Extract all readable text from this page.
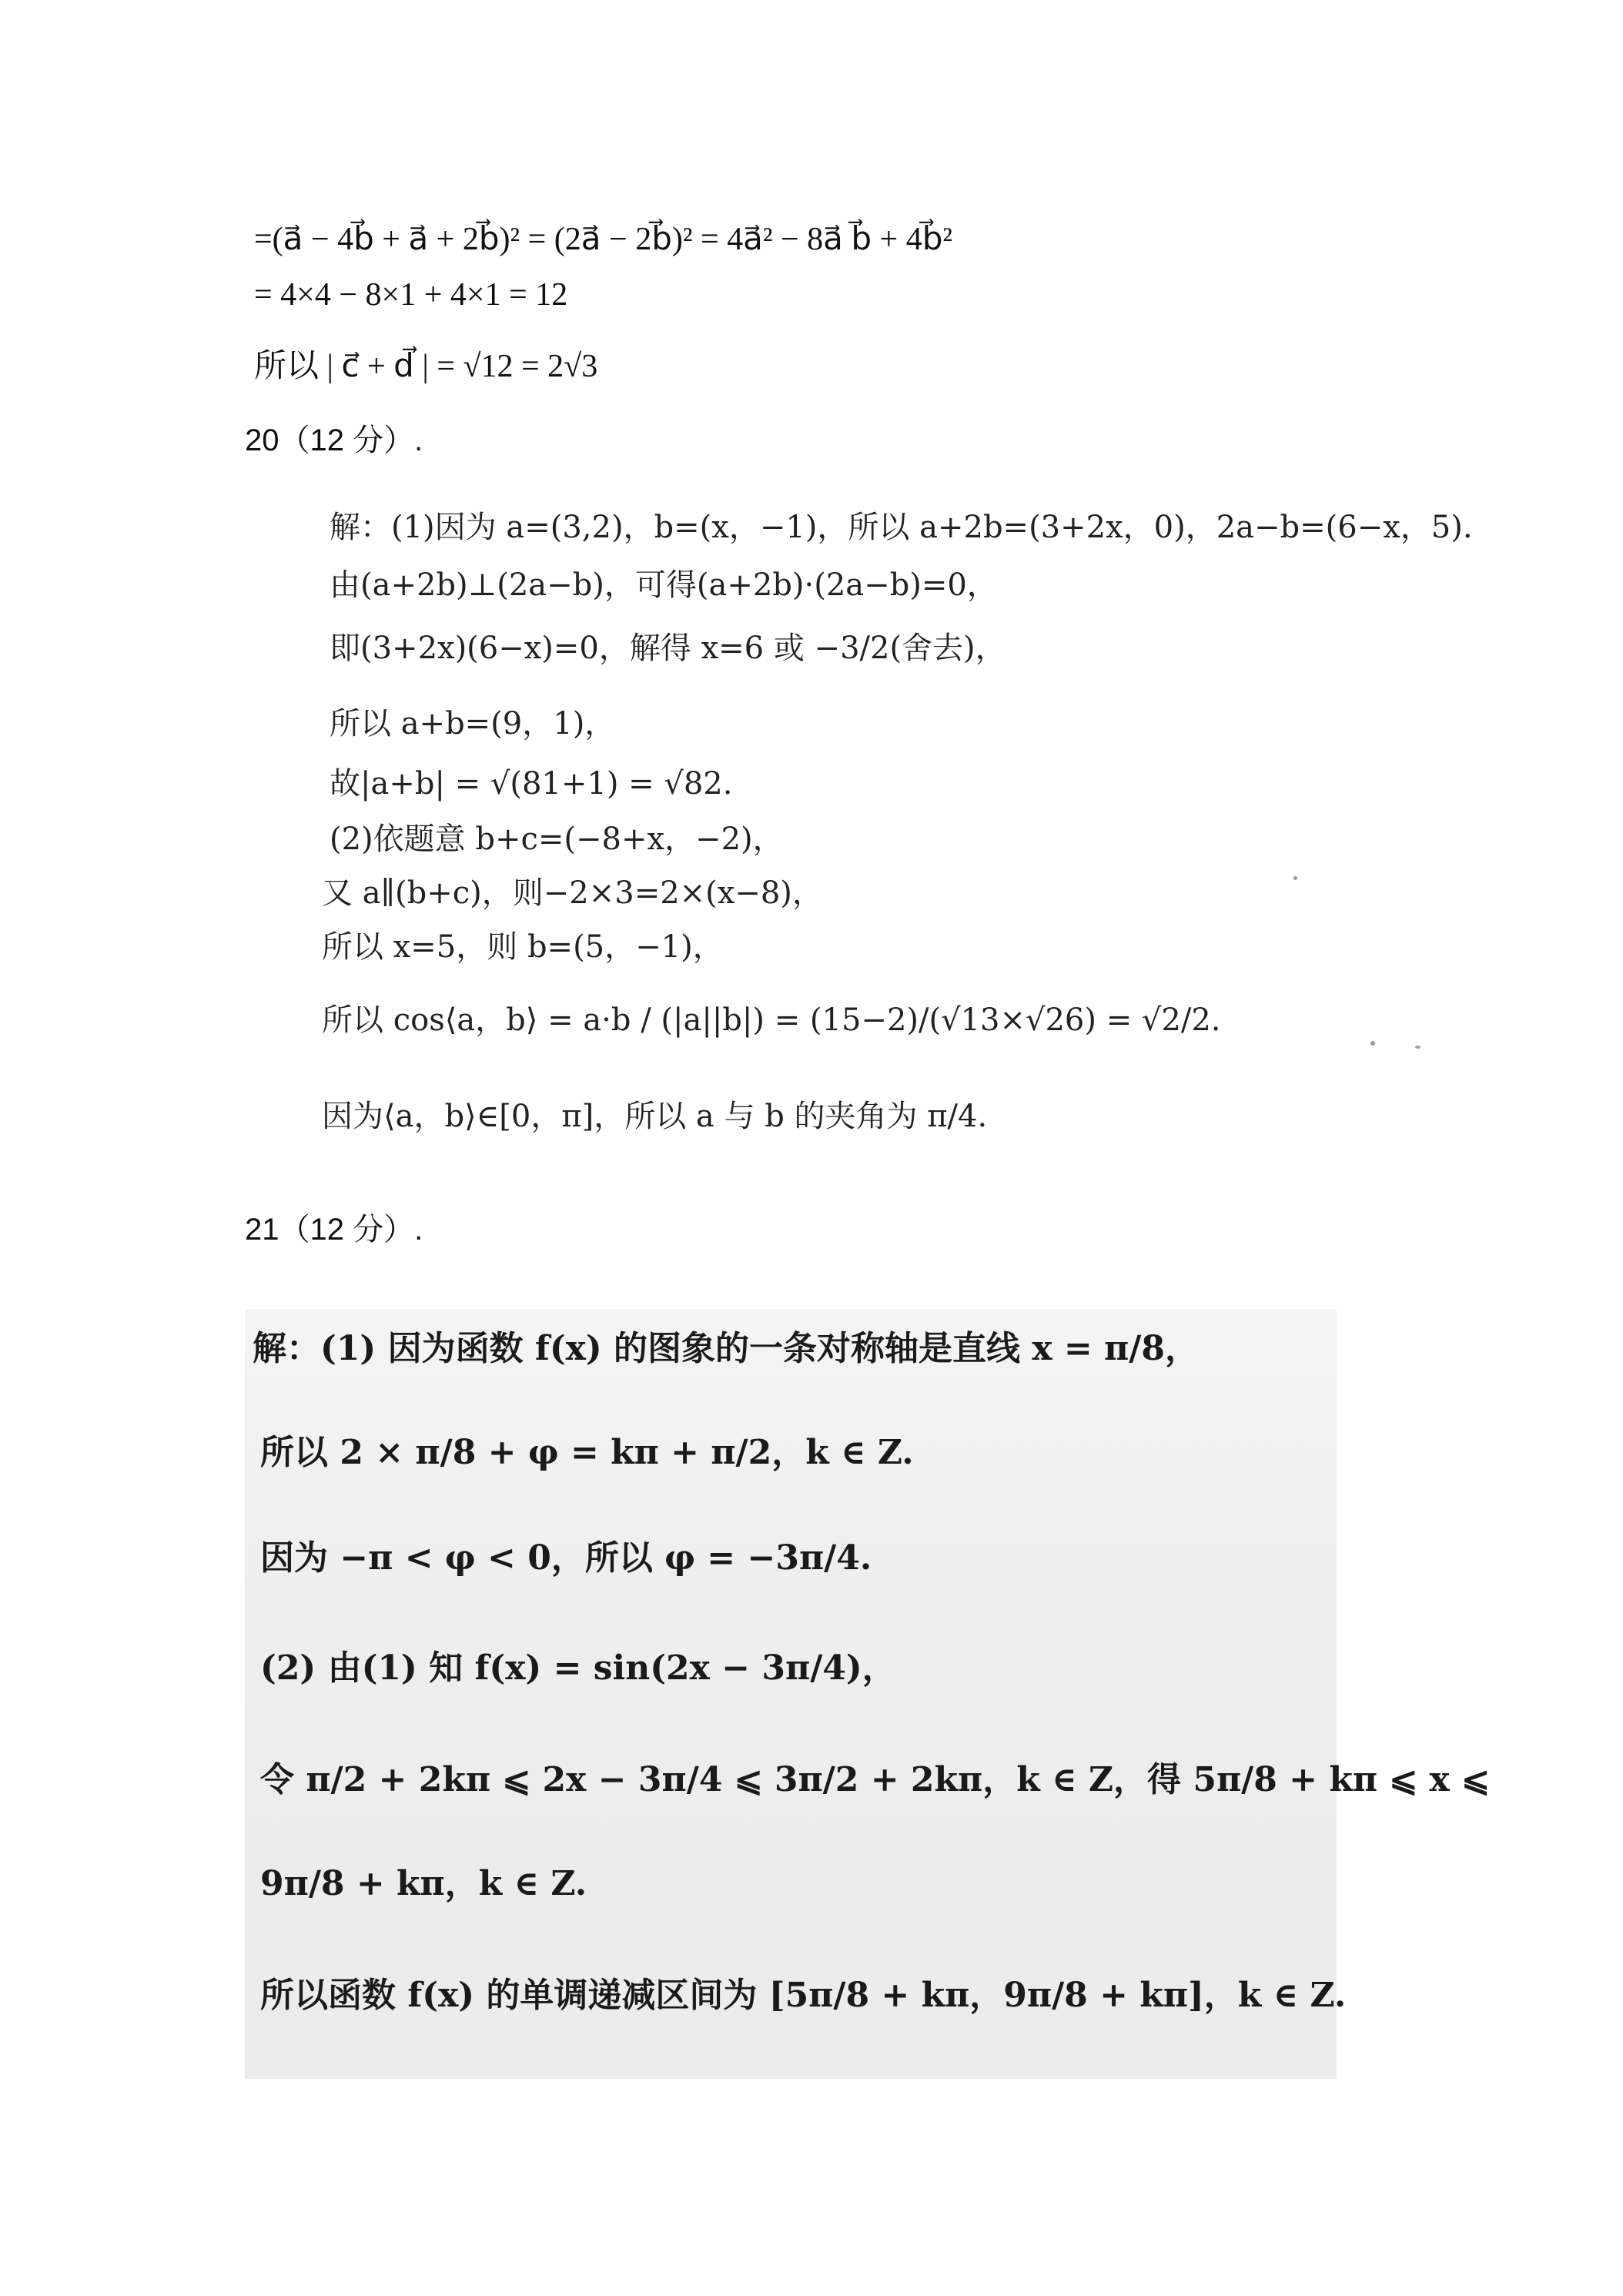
=(a⃗ − 4b⃗ + a⃗ + 2b⃗)² = (2a⃗ − 2b⃗)² = 4a⃗² − 8a⃗ b⃗ + 4b⃗²
= 4×4 − 8×1 + 4×1 = 12
所以 | c⃗ + d⃗ | = √12 = 2√3
20（12 分）.
解：(1)因为 a=(3,2)，b=(x，−1)，所以 a+2b=(3+2x，0)，2a−b=(6−x，5).
由(a+2b)⊥(2a−b)，可得(a+2b)·(2a−b)=0，
即(3+2x)(6−x)=0，解得 x=6 或 −3/2(舍去)，
所以 a+b=(9，1)，
故|a+b| = √(81+1) = √82.
(2)依题意 b+c=(−8+x，−2)，
又 a∥(b+c)，则−2×3=2×(x−8)，
所以 x=5，则 b=(5，−1)，
所以 cos⟨a，b⟩ = a·b / (|a||b|) = (15−2)/(√13×√26) = √2/2.
因为⟨a，b⟩∈[0，π]，所以 a 与 b 的夹角为 π/4.
21（12 分）.
解：(1) 因为函数 f(x) 的图象的一条对称轴是直线 x = π/8，
所以 2 × π/8 + φ = kπ + π/2，k ∈ Z.
因为 −π < φ < 0，所以 φ = −3π/4.
(2) 由(1) 知 f(x) = sin(2x − 3π/4)，
令 π/2 + 2kπ ⩽ 2x − 3π/4 ⩽ 3π/2 + 2kπ，k ∈ Z，得 5π/8 + kπ ⩽ x ⩽
9π/8 + kπ，k ∈ Z.
所以函数 f(x) 的单调递减区间为 [5π/8 + kπ，9π/8 + kπ]，k ∈ Z.
